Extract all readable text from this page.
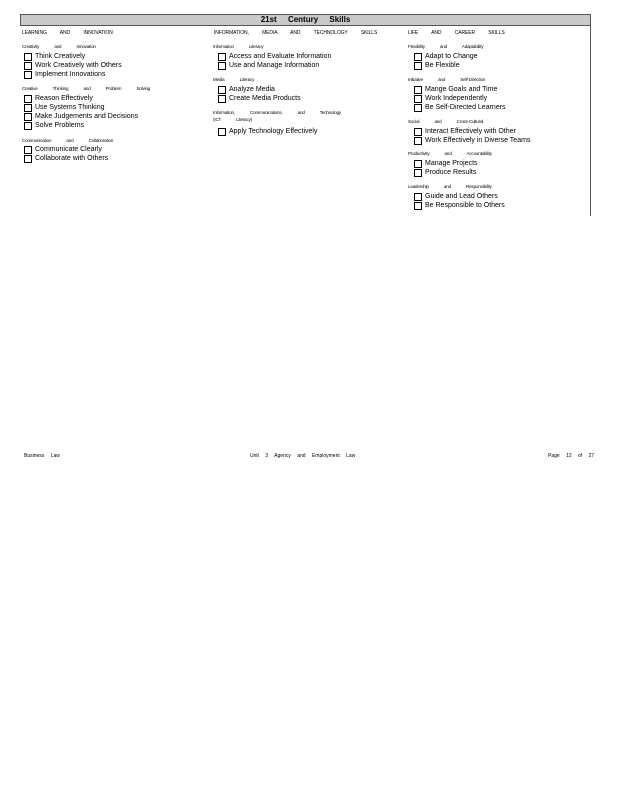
21st Century Skills
LEARNING AND INNOVATION
Creativity and Innovation
Think Creatively
Work Creatively with Others
Implement Innovations
Creative Thinking and Problem Solving
Reason Effectively
Use Systems Thinking
Make Judgements and Decisions
Solve Problems
Communication and Collaboration
Communicate Clearly
Collaborate with Others
INFORMATION, MEDIA AND TECHNOLOGY SKILLS
Information Literacy
Access and Evaluate Information
Use and Manage Information
Media Literacy
Analyze Media
Create Media Products
Information, Communications, and Technology (ICT Literacy)
Apply Technology Effectively
LIFE AND CAREER SKILLS
Flexibility and Adaptability
Adapt to Change
Be Flexible
Initiative and Self-Direction
Mange Goals and Time
Work Independently
Be Self-Directed Learners
Social and Cross-Cultural
Interact Effectively with Other
Work Effectively in Diverse Teams
Productivity and Accountability
Manage Projects
Produce Results
Leadership and Responsibility
Guide and Lead Others
Be Responsible to Others
Business Law	Unit 3 Agency and Employment Law	Page 12 of 27
